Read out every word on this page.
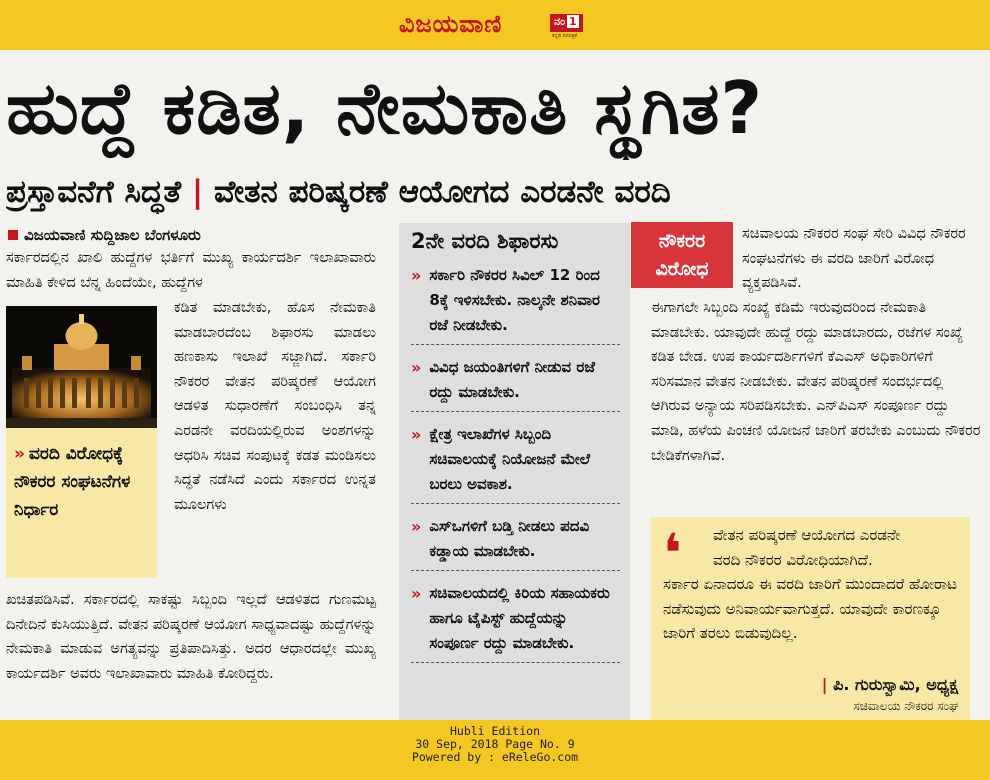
ವಿಜಯವಾಣಿ	ನಂ 1
ಕನ್ನಡ ದಿನಪತ್ರಿಕೆ
ಹುದ್ದೆ ಕಡಿತ, ನೇಮಕಾತಿ ಸ್ಥಗಿತ?
ಪ್ರಸ್ತಾವನೆಗೆ ಸಿದ್ಧತೆ | ವೇತನ ಪರಿಷ್ಕರಣೆ ಆಯೋಗದ ಎರಡನೇ ವರದಿ
ವಿಜಯವಾಣಿ ಸುದ್ದಿಜಾಲ ಬೆಂಗಳೂರು
ಸರ್ಕಾರದಲ್ಲಿನ ಖಾಲಿ ಹುದ್ದೆಗಳ ಭರ್ತಿಗೆ ಮುಖ್ಯ ಕಾರ್ಯದರ್ಶಿ ಇಲಾಖಾವಾರು ಮಾಹಿತಿ ಕೇಳಿದ ಬೆನ್ನ ಹಿಂದೆಯೇ, ಹುದ್ದೆಗಳ
» ವರದಿ ವಿರೋಧಕ್ಕೆ ನೌಕರರ ಸಂಘಟನೆಗಳ ನಿರ್ಧಾರ
ಕಡಿತ ಮಾಡಬೇಕು, ಹೊಸ ನೇಮಕಾತಿ ಮಾಡಬಾರದೆಂಬ ಶಿಫಾರಸು ಮಾಡಲು ಹಣಕಾಸು ಇಲಾಖೆ ಸಜ್ಜಾಗಿದೆ. ಸರ್ಕಾರಿ ನೌಕರರ ವೇತನ ಪರಿಷ್ಕರಣೆ ಆಯೋಗ ಆಡಳಿತ ಸುಧಾರಣೆಗೆ ಸಂಬಂಧಿಸಿ ತನ್ನ ಎರಡನೇ ವರದಿಯಲ್ಲಿರುವ ಅಂಶಗಳನ್ನು ಆಧರಿಸಿ ಸಚಿವ ಸಂಪುಟಕ್ಕೆ ಕಡತ ಮಂಡಿಸಲು ಸಿದ್ಧತೆ ನಡೆಸಿದೆ ಎಂದು ಸರ್ಕಾರದ ಉನ್ನತ ಮೂಲಗಳು
ಖಚಿತಪಡಿಸಿವೆ. ಸರ್ಕಾರದಲ್ಲಿ ಸಾಕಷ್ಟು ಸಿಬ್ಬಂದಿ ಇಲ್ಲದೆ ಆಡಳಿತದ ಗುಣಮಟ್ಟ ದಿನೇದಿನೆ ಕುಸಿಯುತ್ತಿದೆ. ವೇತನ ಪರಿಷ್ಕರಣೆ ಆಯೋಗ ಸಾಧ್ಯವಾದಷ್ಟು ಹುದ್ದೆಗಳನ್ನು ನೇಮಕಾತಿ ಮಾಡುವ ಅಗತ್ಯವನ್ನು ಪ್ರತಿಪಾದಿಸಿತ್ತು. ಅದರ ಆಧಾರದಲ್ಲೇ ಮುಖ್ಯ ಕಾರ್ಯದರ್ಶಿ ಅವರು ಇಲಾಖಾವಾರು ಮಾಹಿತಿ ಕೋರಿದ್ದರು.
2ನೇ ವರದಿ ಶಿಫಾರಸು
» ಸರ್ಕಾರಿ ನೌಕರರ ಸಿವಿಲ್ 12 ರಿಂದ 8ಕ್ಕೆ ಇಳಿಸಬೇಕು. ನಾಲ್ಕನೇ ಶನಿವಾರ ರಜೆ ನೀಡಬೇಕು.
» ವಿವಿಧ ಜಯಂತಿಗಳಿಗೆ ನೀಡುವ ರಜೆ ರದ್ದು ಮಾಡಬೇಕು.
» ಕ್ಷೇತ್ರ ಇಲಾಖೆಗಳ ಸಿಬ್ಬಂದಿ ಸಚಿವಾಲಯಕ್ಕೆ ನಿಯೋಜನೆ ಮೇಲೆ ಬರಲು ಅವಕಾಶ.
» ಎಸ್‌ಒಗಳಿಗೆ ಬಡ್ತಿ ನೀಡಲು ಪದವಿ ಕಡ್ಡಾಯ ಮಾಡಬೇಕು.
» ಸಚಿವಾಲಯದಲ್ಲಿ ಕಿರಿಯ ಸಹಾಯಕರು ಹಾಗೂ ಟೈಪಿಸ್ಟ್ ಹುದ್ದೆಯನ್ನು ಸಂಪೂರ್ಣ ರದ್ದು ಮಾಡಬೇಕು.
ನೌಕರರ
ವಿರೋಧ
ಸಚಿವಾಲಯ ನೌಕರರ ಸಂಘ ಸೇರಿ ವಿವಿಧ ನೌಕರರ ಸಂಘಟನೆಗಳು ಈ ವರದಿ ಜಾರಿಗೆ ವಿರೋಧ ವ್ಯಕ್ತಪಡಿಸಿವೆ.
ಈಗಾಗಲೇ ಸಿಬ್ಬಂದಿ ಸಂಖ್ಯೆ ಕಡಿಮೆ ಇರುವುದರಿಂದ ನೇಮಕಾತಿ ಮಾಡಬೇಕು. ಯಾವುದೇ ಹುದ್ದೆ ರದ್ದು ಮಾಡಬಾರದು, ರಜೆಗಳ ಸಂಖ್ಯೆ ಕಡಿತ ಬೇಡ. ಉಪ ಕಾರ್ಯದರ್ಶಿಗಳಿಗೆ ಕೆಎಎಸ್ ಅಧಿಕಾರಿಗಳಿಗೆ ಸರಿಸಮಾನ ವೇತನ ನೀಡಬೇಕು. ವೇತನ ಪರಿಷ್ಕರಣೆ ಸಂದರ್ಭದಲ್ಲಿ ಆಗಿರುವ ಅನ್ಯಾಯ ಸರಿಪಡಿಸಬೇಕು. ಎನ್‌ಪಿಎಸ್ ಸಂಪೂರ್ಣ ರದ್ದು ಮಾಡಿ, ಹಳೆಯ ಪಿಂಚಣಿ ಯೋಜನೆ ಜಾರಿಗೆ ತರಬೇಕು ಎಂಬುದು ನೌಕರರ ಬೇಡಿಕೆಗಳಾಗಿವೆ.
❛	ವೇತನ ಪರಿಷ್ಕರಣೆ ಆಯೋಗದ ಎರಡನೇ
ವರದಿ ನೌಕರರ ವಿರೋಧಿಯಾಗಿದೆ.
ಸರ್ಕಾರ ಏನಾದರೂ ಈ ವರದಿ ಜಾರಿಗೆ ಮುಂದಾದರೆ ಹೋರಾಟ ನಡೆಸುವುದು ಅನಿವಾರ್ಯವಾಗುತ್ತದೆ. ಯಾವುದೇ ಕಾರಣಕ್ಕೂ ಜಾರಿಗೆ ತರಲು ಬಿಡುವುದಿಲ್ಲ.
| ಪಿ. ಗುರುಸ್ವಾಮಿ, ಅಧ್ಯಕ್ಷ
ಸಚಿವಾಲಯ ನೌಕರರ ಸಂಘ
Hubli Edition
30 Sep, 2018 Page No. 9
Powered by : eReleGo.com
